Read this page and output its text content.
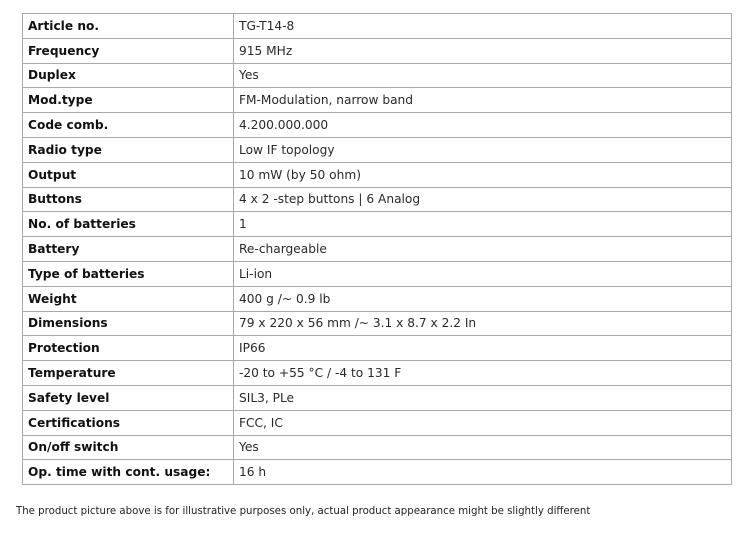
Article no.	TG-T14-8
Frequency	915 MHz
Duplex	Yes
Mod.type	FM-Modulation, narrow band
Code comb.	4.200.000.000
Radio type	Low IF topology
Output	10 mW (by 50 ohm)
Buttons	4 x 2 -step buttons | 6 Analog
No. of batteries	1
Battery	Re-chargeable
Type of batteries	Li-ion
Weight	400 g /~ 0.9 lb
Dimensions	79 x 220 x 56 mm /~ 3.1 x 8.7 x 2.2 In
Protection	IP66
Temperature	-20 to +55 °C / -4 to 131 F
Safety level	SIL3, PLe
Certifications	FCC, IC
On/off switch	Yes
Op. time with cont. usage:	16 h
The product picture above is for illustrative purposes only, actual product appearance might be slightly different
